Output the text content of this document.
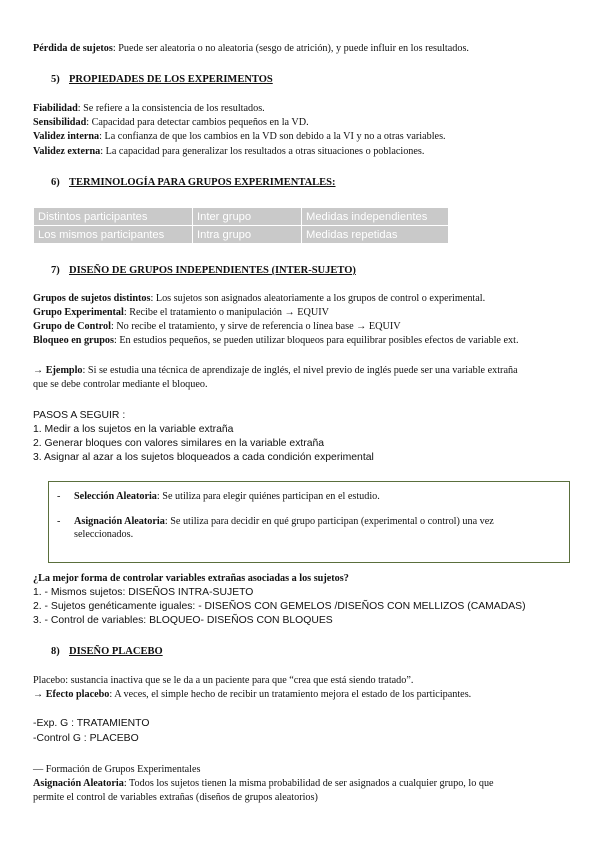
Pérdida de sujetos: Puede ser aleatoria o no aleatoria (sesgo de atrición), y puede influir en los resultados.
5) PROPIEDADES DE LOS EXPERIMENTOS
Fiabilidad: Se refiere a la consistencia de los resultados.
Sensibilidad: Capacidad para detectar cambios pequeños en la VD.
Validez interna: La confianza de que los cambios en la VD son debido a la VI y no a otras variables.
Validez externa: La capacidad para generalizar los resultados a otras situaciones o poblaciones.
6) TERMINOLOGÍA PARA GRUPOS EXPERIMENTALES:
Distintos participantes	Inter grupo	Medidas independientes
Los mismos participantes	Intra grupo	Medidas repetidas
7) DISEÑO DE GRUPOS INDEPENDIENTES (INTER-SUJETO)
Grupos de sujetos distintos: Los sujetos son asignados aleatoriamente a los grupos de control o experimental.
Grupo Experimental: Recibe el tratamiento o manipulación → EQUIV
Grupo de Control: No recibe el tratamiento, y sirve de referencia o línea base → EQUIV
Bloqueo en grupos: En estudios pequeños, se pueden utilizar bloqueos para equilibrar posibles efectos de variable ext.
→ Ejemplo: Si se estudia una técnica de aprendizaje de inglés, el nivel previo de inglés puede ser una variable extraña
que se debe controlar mediante el bloqueo.
PASOS A SEGUIR :
1. Medir a los sujetos en la variable extraña
2. Generar bloques con valores similares en la variable extraña
3. Asignar al azar a los sujetos bloqueados a cada condición experimental
- Selección Aleatoria: Se utiliza para elegir quiénes participan en el estudio.
- Asignación Aleatoria: Se utiliza para decidir en qué grupo participan (experimental o control) una vez seleccionados.
¿La mejor forma de controlar variables extrañas asociadas a los sujetos?
1. - Mismos sujetos: DISEÑOS INTRA-SUJETO
2. - Sujetos genéticamente iguales: - DISEÑOS CON GEMELOS /DISEÑOS CON MELLIZOS (CAMADAS)
3. - Control de variables: BLOQUEO- DISEÑOS CON BLOQUES
8) DISEÑO PLACEBO
Placebo: sustancia inactiva que se le da a un paciente para que “crea que está siendo tratado”.
→ Efecto placebo: A veces, el simple hecho de recibir un tratamiento mejora el estado de los participantes.
-Exp. G : TRATAMIENTO
-Control G : PLACEBO
— Formación de Grupos Experimentales
Asignación Aleatoria: Todos los sujetos tienen la misma probabilidad de ser asignados a cualquier grupo, lo que
permite el control de variables extrañas (diseños de grupos aleatorios)
